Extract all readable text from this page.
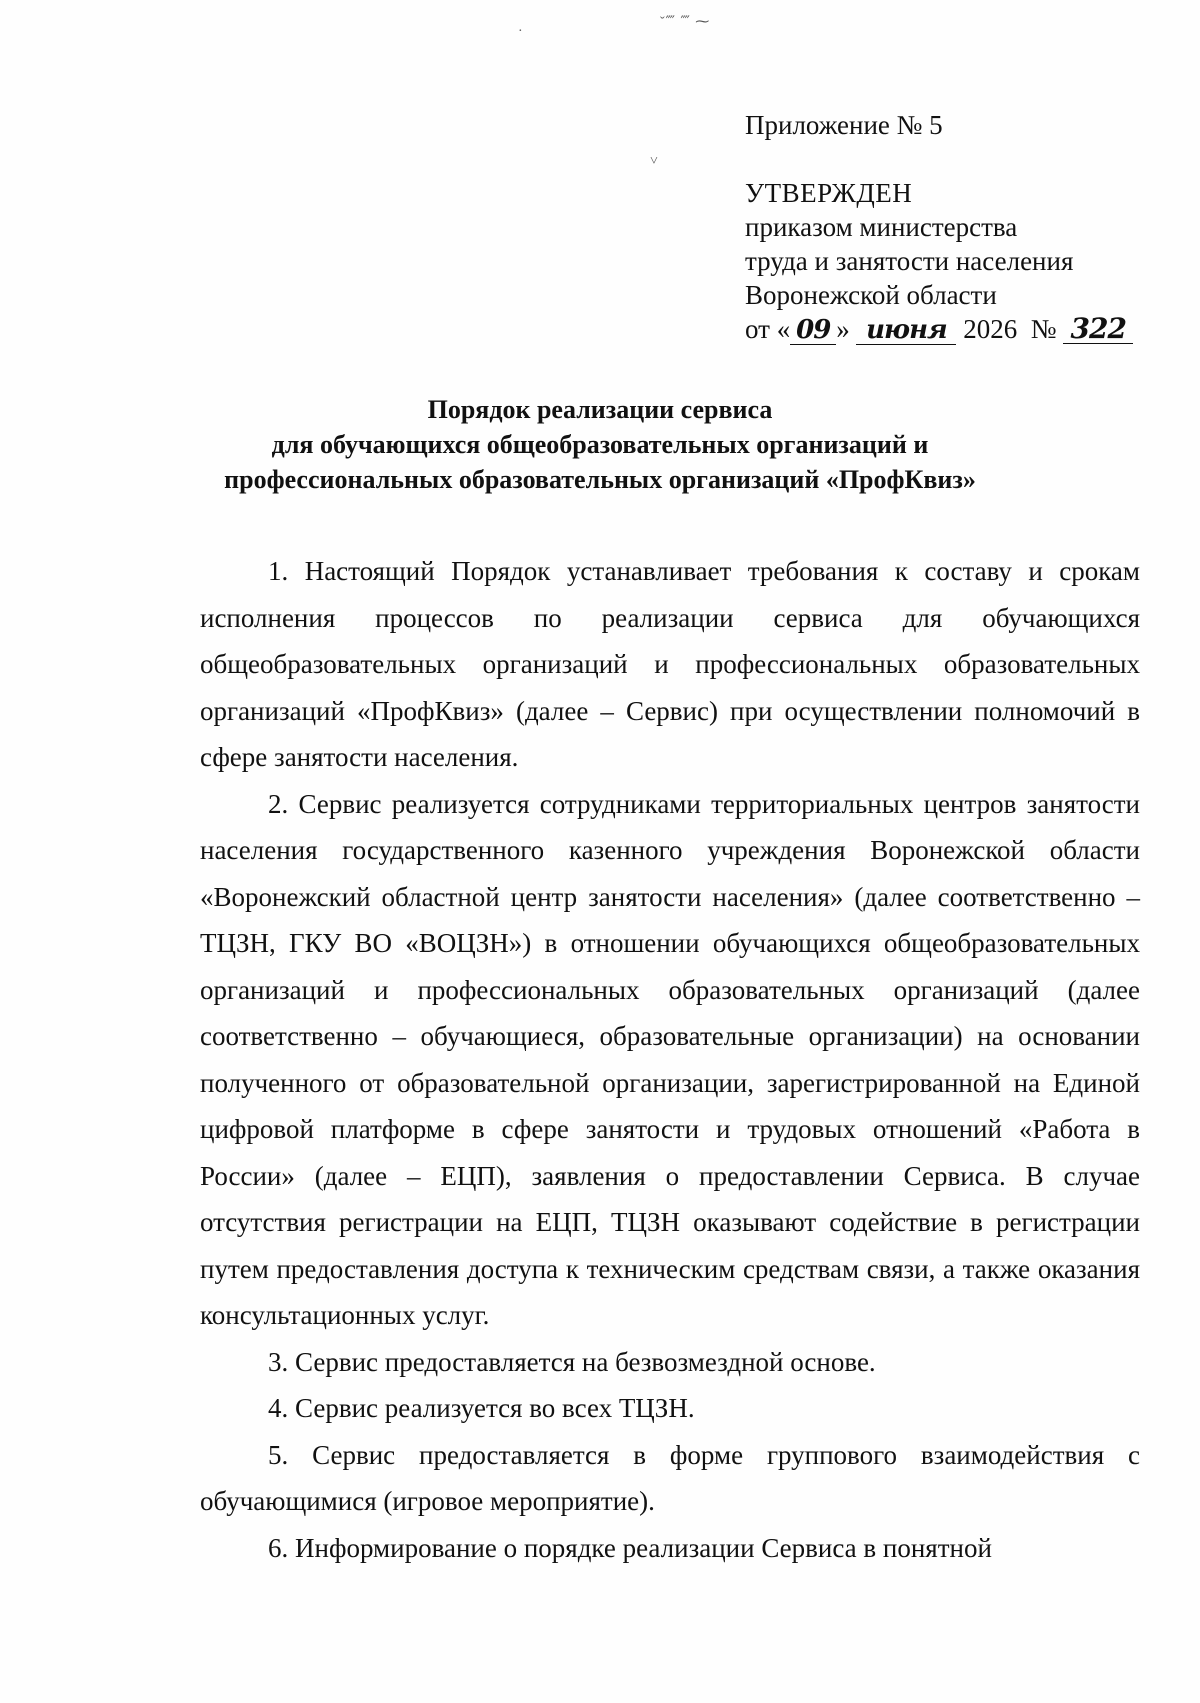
ˇ⁗ ⁗ ⁓
·
˅
Приложение № 5
УТВЕРЖДЕН
приказом министерства
труда и занятости населения
Воронежской области
от « 09 » июня 2026 № 322
Порядок реализации сервиса
для обучающихся общеобразовательных организаций и
профессиональных образовательных организаций «ПрофКвиз»

1. Настоящий Порядок устанавливает требования к составу и срокам исполнения процессов по реализации сервиса для обучающихся общеобразовательных организаций и профессиональных образовательных организаций «ПрофКвиз» (далее – Сервис) при осуществлении полномочий в сфере занятости населения.

2. Сервис реализуется сотрудниками территориальных центров занятости населения государственного казенного учреждения Воронежской области «Воронежский областной центр занятости населения» (далее соответственно – ТЦЗН, ГКУ ВО «ВОЦЗН») в отношении обучающихся общеобразовательных организаций и профессиональных образовательных организаций (далее соответственно – обучающиеся, образовательные организации) на основании полученного от образовательной организации, зарегистрированной на Единой цифровой платформе в сфере занятости и трудовых отношений «Работа в России» (далее – ЕЦП), заявления о предоставлении Сервиса. В случае отсутствия регистрации на ЕЦП, ТЦЗН оказывают содействие в регистрации путем предоставления доступа к техническим средствам связи, а также оказания консультационных услуг.

3. Сервис предоставляется на безвозмездной основе.

4. Сервис реализуется во всех ТЦЗН.

5. Сервис предоставляется в форме группового взаимодействия с обучающимися (игровое мероприятие).

6. Информирование о порядке реализации Сервиса в понятной
